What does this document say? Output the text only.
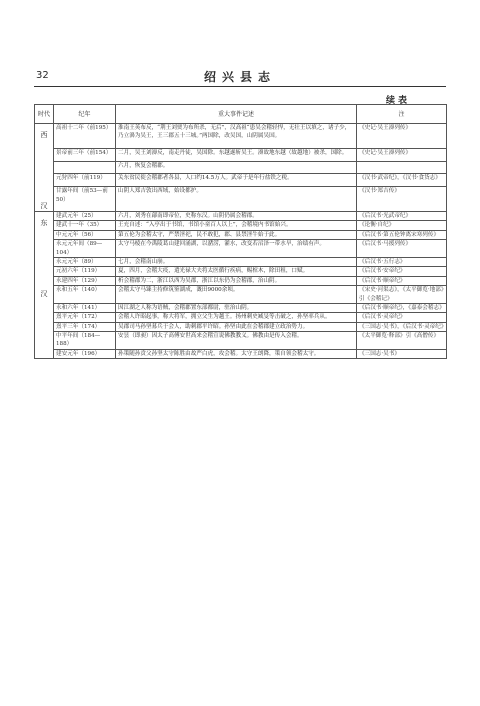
32	绍兴县志
续表
时代	纪年	重大事件记述	注

西
汉	高祖十二年（前195）	淮南王英布反，“荆王刘贾为布所杀，无后”，汉高祖“患吴会稽轻悍，无壮王以填之，诸子少，乃立濞为吴王，王三郡五十三城。”两国除，改吴国，山阴属吴国。	《史记·吴王濞列传》
	景帝前三年（前154）	二月，吴王刘濞反，南走丹徒，吴国除。东越遂斩吴王。濞故地东越（故越地）被杀，国除。	《史记·吴王濞列传》
		六月，恢复会稽郡。	
	元狩四年（前119）	关东贫民徙会稽郡者各县，人口约14.5万人。武帝于是年行盐铁之税。	《汉书·武帝纪》，《汉书·食货志》
	甘露年间（前53—前50）	山阴人郑吉敦出西域，始设都护。	《汉书·郑吉传》

东
汉	建武元年（25）	六月，刘秀在鄗南即帝位，史称东汉。山阴仍属会稽郡。	《后汉书·光武帝纪》
	建武十一年（35）	王充自述：“入亭出于书馆，书馆小童百人以上”，会稽境内书馆始兴。	《论衡·自纪》
	中元元年（56）	第五伦为会稽太守，严禁淫祀，民不敢犯，郡、县禁淫牛始于此。	《后汉书·第五伦钟离宋寒列传》
	永元元年间（89—104）	太守马棱在今禹陵葛山建回涌湖，以潴涝，灌水，改变若沼泽一带水旱，治绩有声。	《后汉书·马援列传》
	永元元年（89）	七月，会稽南山崩。	《后汉书·五行志》
	元初六年（119）	夏，四月，会稽大疫，遣光禄大夫将太医循行疾病，赐棺木，除田租，口赋。	《后汉书·安帝纪》
	永建四年（129）	析会稽郡为二，浙江以西为吴郡，浙江以东仍为会稽郡，治山阴。	《后汉书·顺帝纪》
	永和五年（140）	会稽太守马臻主持修筑鉴湖成，溉田9000余顷。	《宋史·河渠志》，《太平御览·地部》引《会稽记》
	永和六年（141）	因江湖之人称为语贼，会稽郡置东部都尉，驻治山阴。	《后汉书·顺帝纪》，《嘉泰会稽志》
	熹平元年（172）	会稽人许昭起事，称大将军，拥立父生为越王。扬州刺史臧旻等击破之，孙坚率兵从。	《后汉书·灵帝纪》
	熹平三年（174）	吴郡司马孙坚募兵于会人，助刺郡平许昭。孙坚由此在会稽郡建立政治势力。	《三国志·吴书》，《后汉书·灵帝纪》
	中平年间（184—188）	安昙（即昶）因太子高傅安世高来会稽宣说佛教教义。佛教由是传入会稽。	《太平御览·释部》引《高僧传》
	建安元年（196）	孙策随孙贲父孙坚太守陈胜由故严白虎，攻会稽。太守王朗降，策自领会稽太守。	《三国志·吴书》
